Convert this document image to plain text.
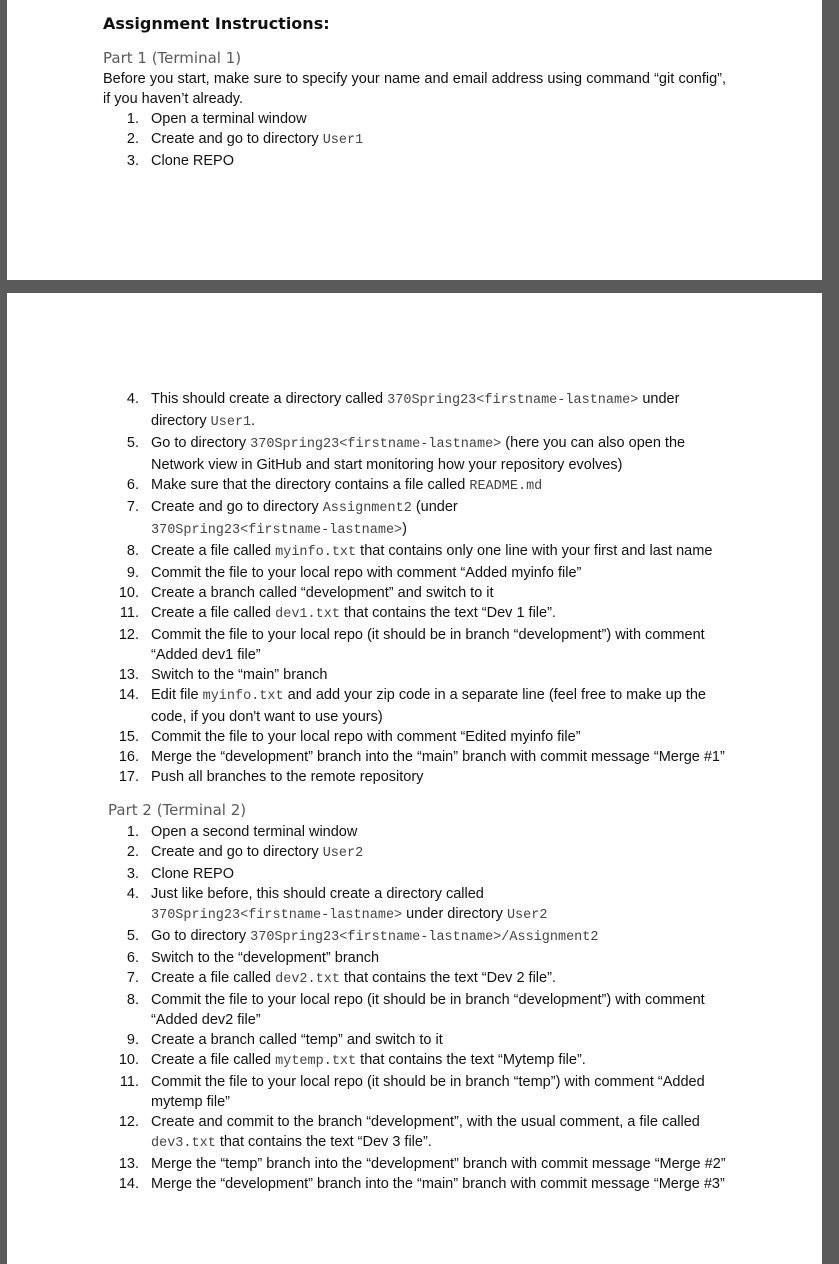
Assignment Instructions:
Part 1 (Terminal 1)
Before you start, make sure to specify your name and email address using command “git config”, if you haven’t already.
1. Open a terminal window
2. Create and go to directory User1
3. Clone REPO
4. This should create a directory called 370Spring23<firstname-lastname> under directory User1.
5. Go to directory 370Spring23<firstname-lastname> (here you can also open the Network view in GitHub and start monitoring how your repository evolves)
6. Make sure that the directory contains a file called README.md
7. Create and go to directory Assignment2 (under
370Spring23<firstname-lastname>)
8. Create a file called myinfo.txt that contains only one line with your first and last name
9. Commit the file to your local repo with comment “Added myinfo file”
10. Create a branch called “development” and switch to it
11. Create a file called dev1.txt that contains the text “Dev 1 file”.
12. Commit the file to your local repo (it should be in branch “development”) with comment “Added dev1 file”
13. Switch to the “main” branch
14. Edit file myinfo.txt and add your zip code in a separate line (feel free to make up the code, if you don't want to use yours)
15. Commit the file to your local repo with comment “Edited myinfo file”
16. Merge the “development” branch into the “main” branch with commit message “Merge #1”
17. Push all branches to the remote repository
Part 2 (Terminal 2)
1. Open a second terminal window
2. Create and go to directory User2
3. Clone REPO
4. Just like before, this should create a directory called
370Spring23<firstname-lastname> under directory User2
5. Go to directory 370Spring23<firstname-lastname>/Assignment2
6. Switch to the “development” branch
7. Create a file called dev2.txt that contains the text “Dev 2 file”.
8. Commit the file to your local repo (it should be in branch “development”) with comment “Added dev2 file”
9. Create a branch called “temp” and switch to it
10. Create a file called mytemp.txt that contains the text “Mytemp file”.
11. Commit the file to your local repo (it should be in branch “temp”) with comment “Added mytemp file”
12. Create and commit to the branch “development”, with the usual comment, a file called
dev3.txt that contains the text “Dev 3 file”.
13. Merge the “temp” branch into the “development” branch with commit message “Merge #2”
14. Merge the “development” branch into the “main” branch with commit message “Merge #3”
